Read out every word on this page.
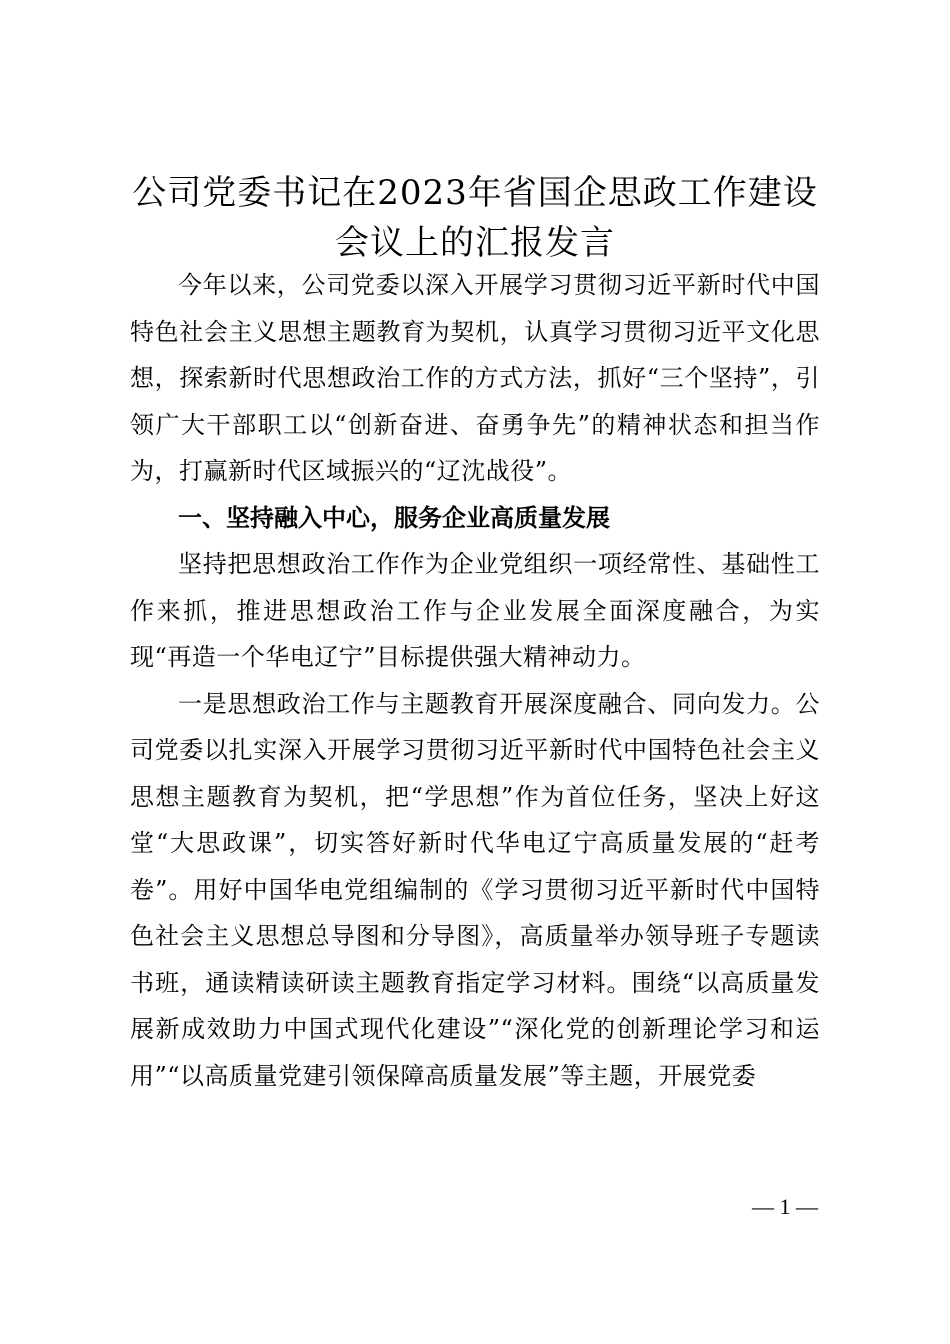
公司党委书记在2023年省国企思政工作建设
会议上的汇报发言

今年以来，公司党委以深入开展学习贯彻习近平新时代中国特色社会主义思想主题教育为契机，认真学习贯彻习近平文化思想，探索新时代思想政治工作的方式方法，抓好“三个坚持”，引领广大干部职工以“创新奋进、奋勇争先”的精神状态和担当作为，打赢新时代区域振兴的“辽沈战役”。

一、坚持融入中心，服务企业高质量发展

坚持把思想政治工作作为企业党组织一项经常性、基础性工作来抓，推进思想政治工作与企业发展全面深度融合，为实现“再造一个华电辽宁”目标提供强大精神动力。

一是思想政治工作与主题教育开展深度融合、同向发力。公司党委以扎实深入开展学习贯彻习近平新时代中国特色社会主义思想主题教育为契机，把“学思想”作为首位任务，坚决上好这堂“大思政课”，切实答好新时代华电辽宁高质量发展的“赶考卷”。用好中国华电党组编制的《学习贯彻习近平新时代中国特色社会主义思想总导图和分导图》，高质量举办领导班子专题读书班，通读精读研读主题教育指定学习材料。围绕“以高质量发展新成效助力中国式现代化建设”“深化党的创新理论学习和运用”“以高质量党建引领保障高质量发展”等主题，开展党委

— 1 —
